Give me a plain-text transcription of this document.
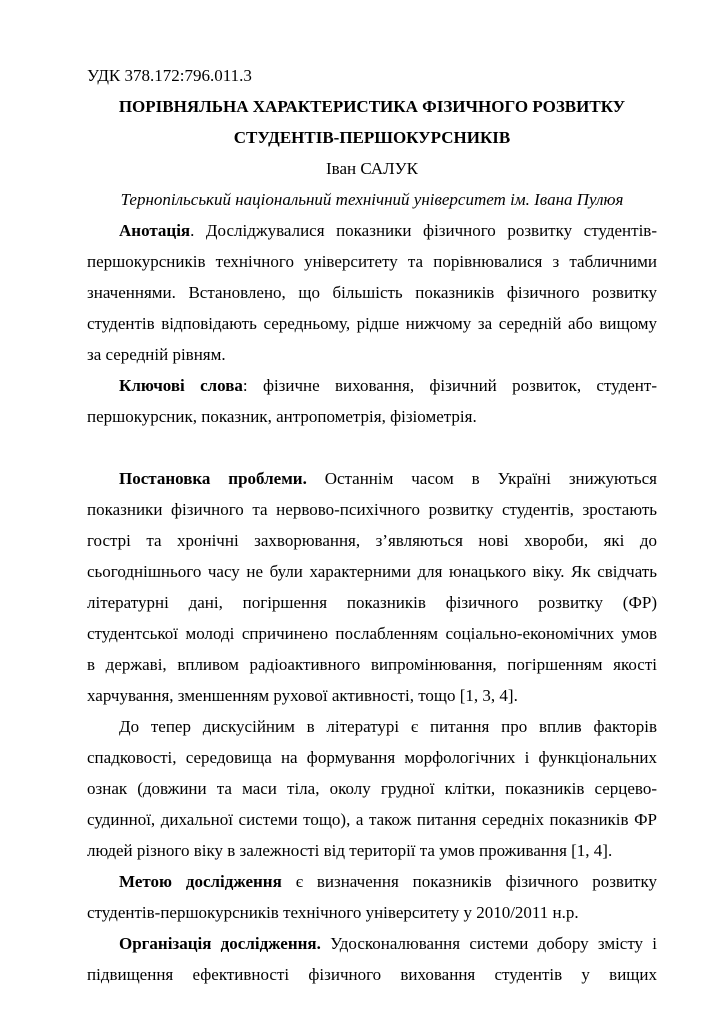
УДК 378.172:796.011.3
ПОРІВНЯЛЬНА ХАРАКТЕРИСТИКА ФІЗИЧНОГО РОЗВИТКУ
СТУДЕНТІВ-ПЕРШОКУРСНИКІВ
Іван САЛУК
Тернопільський національний технічний університет ім. Івана Пулюя
Анотація. Досліджувалися показники фізичного розвитку студентів-
першокурсників технічного університету та порівнювалися з табличними
значеннями. Встановлено, що більшість показників фізичного розвитку
студентів відповідають середньому, рідше нижчому за середній або вищому
за середній рівням.
Ключові слова: фізичне виховання, фізичний розвиток, студент-
першокурсник, показник, антропометрія, фізіометрія.
Постановка проблеми. Останнім часом в Україні знижуються
показники фізичного та нервово-психічного розвитку студентів, зростають
гострі та хронічні захворювання, з’являються нові хвороби, які до
сьогоднішнього часу не були характерними для юнацького віку. Як свідчать
літературні дані, погіршення показників фізичного розвитку (ФР)
студентської молоді спричинено послабленням соціально-економічних умов
в державі, впливом радіоактивного випромінювання, погіршенням якості
харчування, зменшенням рухової активності, тощо [1, 3, 4].
До тепер дискусійним в літературі є питання про вплив факторів
спадковості, середовища на формування морфологічних і функціональних
ознак (довжини та маси тіла, околу грудної клітки, показників серцево-
судинної, дихальної системи тощо), а також питання середніх показників ФР
людей різного віку в залежності від території та умов проживання [1, 4].
Метою дослідження є визначення показників фізичного розвитку
студентів-першокурсників технічного університету у 2010/2011 н.р.
Організація дослідження. Удосконалювання системи добору змісту і
підвищення ефективності фізичного виховання студентів у вищих
